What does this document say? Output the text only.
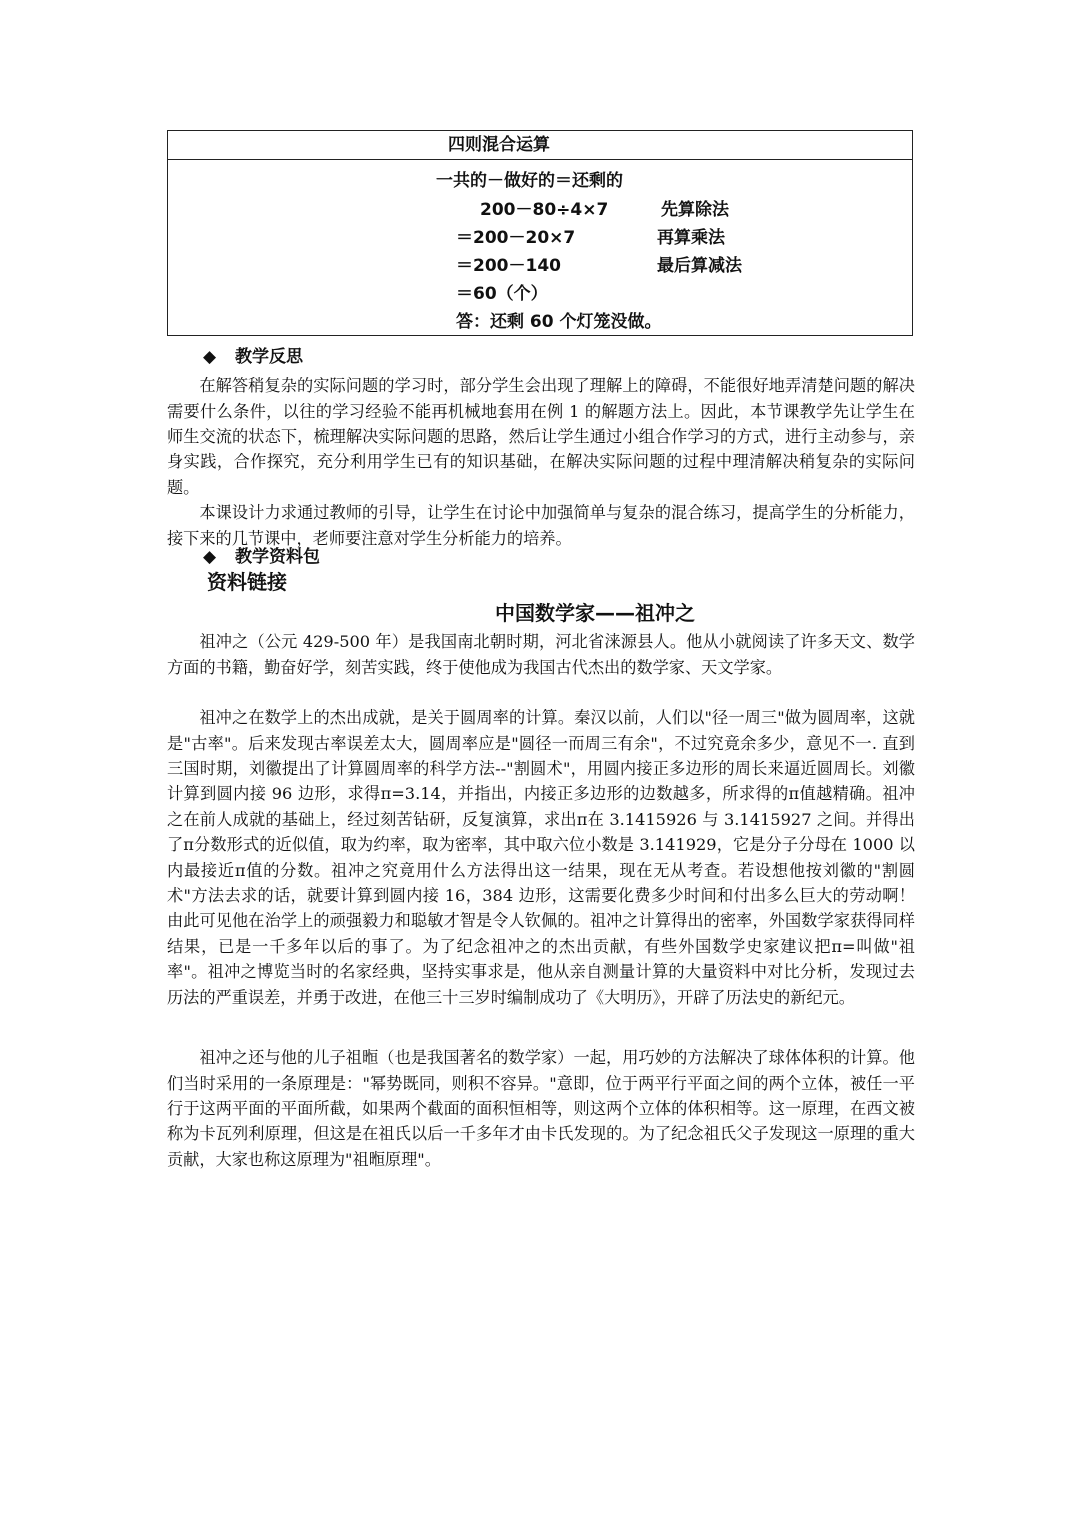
四则混合运算
一共的－做好的＝还剩的
200－80÷4×7	先算除法
＝200－20×7	再算乘法
＝200－140	最后算减法
＝60（个）
答：还剩 60 个灯笼没做。
◆ 教学反思

在解答稍复杂的实际问题的学习时，部分学生会出现了理解上的障碍，不能很好地弄清楚问题的解决需要什么条件，以往的学习经验不能再机械地套用在例 1 的解题方法上。因此，本节课教学先让学生在师生交流的状态下，梳理解决实际问题的思路，然后让学生通过小组合作学习的方式，进行主动参与，亲身实践，合作探究，充分利用学生已有的知识基础，在解决实际问题的过程中理清解决稍复杂的实际问题。

本课设计力求通过教师的引导，让学生在讨论中加强简单与复杂的混合练习，提高学生的分析能力，接下来的几节课中，老师要注意对学生分析能力的培养。

◆ 教学资料包
资料链接
中国数学家——祖冲之

祖冲之（公元 429-500 年）是我国南北朝时期，河北省涞源县人。他从小就阅读了许多天文、数学方面的书籍，勤奋好学，刻苦实践，终于使他成为我国古代杰出的数学家、天文学家。

祖冲之在数学上的杰出成就，是关于圆周率的计算。秦汉以前，人们以"径一周三"做为圆周率，这就是"古率"。后来发现古率误差太大，圆周率应是"圆径一而周三有余"，不过究竟余多少，意见不一. 直到三国时期，刘徽提出了计算圆周率的科学方法--"割圆术"，用圆内接正多边形的周长来逼近圆周长。刘徽计算到圆内接 96 边形，求得π=3.14，并指出，内接正多边形的边数越多，所求得的π值越精确。祖冲之在前人成就的基础上，经过刻苦钻研，反复演算，求出π在 3.1415926 与 3.1415927 之间。并得出了π分数形式的近似值，取为约率，取为密率，其中取六位小数是 3.141929，它是分子分母在 1000 以内最接近π值的分数。祖冲之究竟用什么方法得出这一结果，现在无从考查。若设想他按刘徽的"割圆术"方法去求的话，就要计算到圆内接 16，384 边形，这需要化费多少时间和付出多么巨大的劳动啊！由此可见他在治学上的顽强毅力和聪敏才智是令人钦佩的。祖冲之计算得出的密率，外国数学家获得同样结果，已是一千多年以后的事了。为了纪念祖冲之的杰出贡献，有些外国数学史家建议把π=叫做"祖率"。祖冲之博览当时的名家经典，坚持实事求是，他从亲自测量计算的大量资料中对比分析，发现过去历法的严重误差，并勇于改进，在他三十三岁时编制成功了《大明历》，开辟了历法史的新纪元。

祖冲之还与他的儿子祖暅（也是我国著名的数学家）一起，用巧妙的方法解决了球体体积的计算。他们当时采用的一条原理是："幂势既同，则积不容异。"意即，位于两平行平面之间的两个立体，被任一平行于这两平面的平面所截，如果两个截面的面积恒相等，则这两个立体的体积相等。这一原理，在西文被称为卡瓦列利原理，但这是在祖氏以后一千多年才由卡氏发现的。为了纪念祖氏父子发现这一原理的重大贡献，大家也称这原理为"祖暅原理"。
